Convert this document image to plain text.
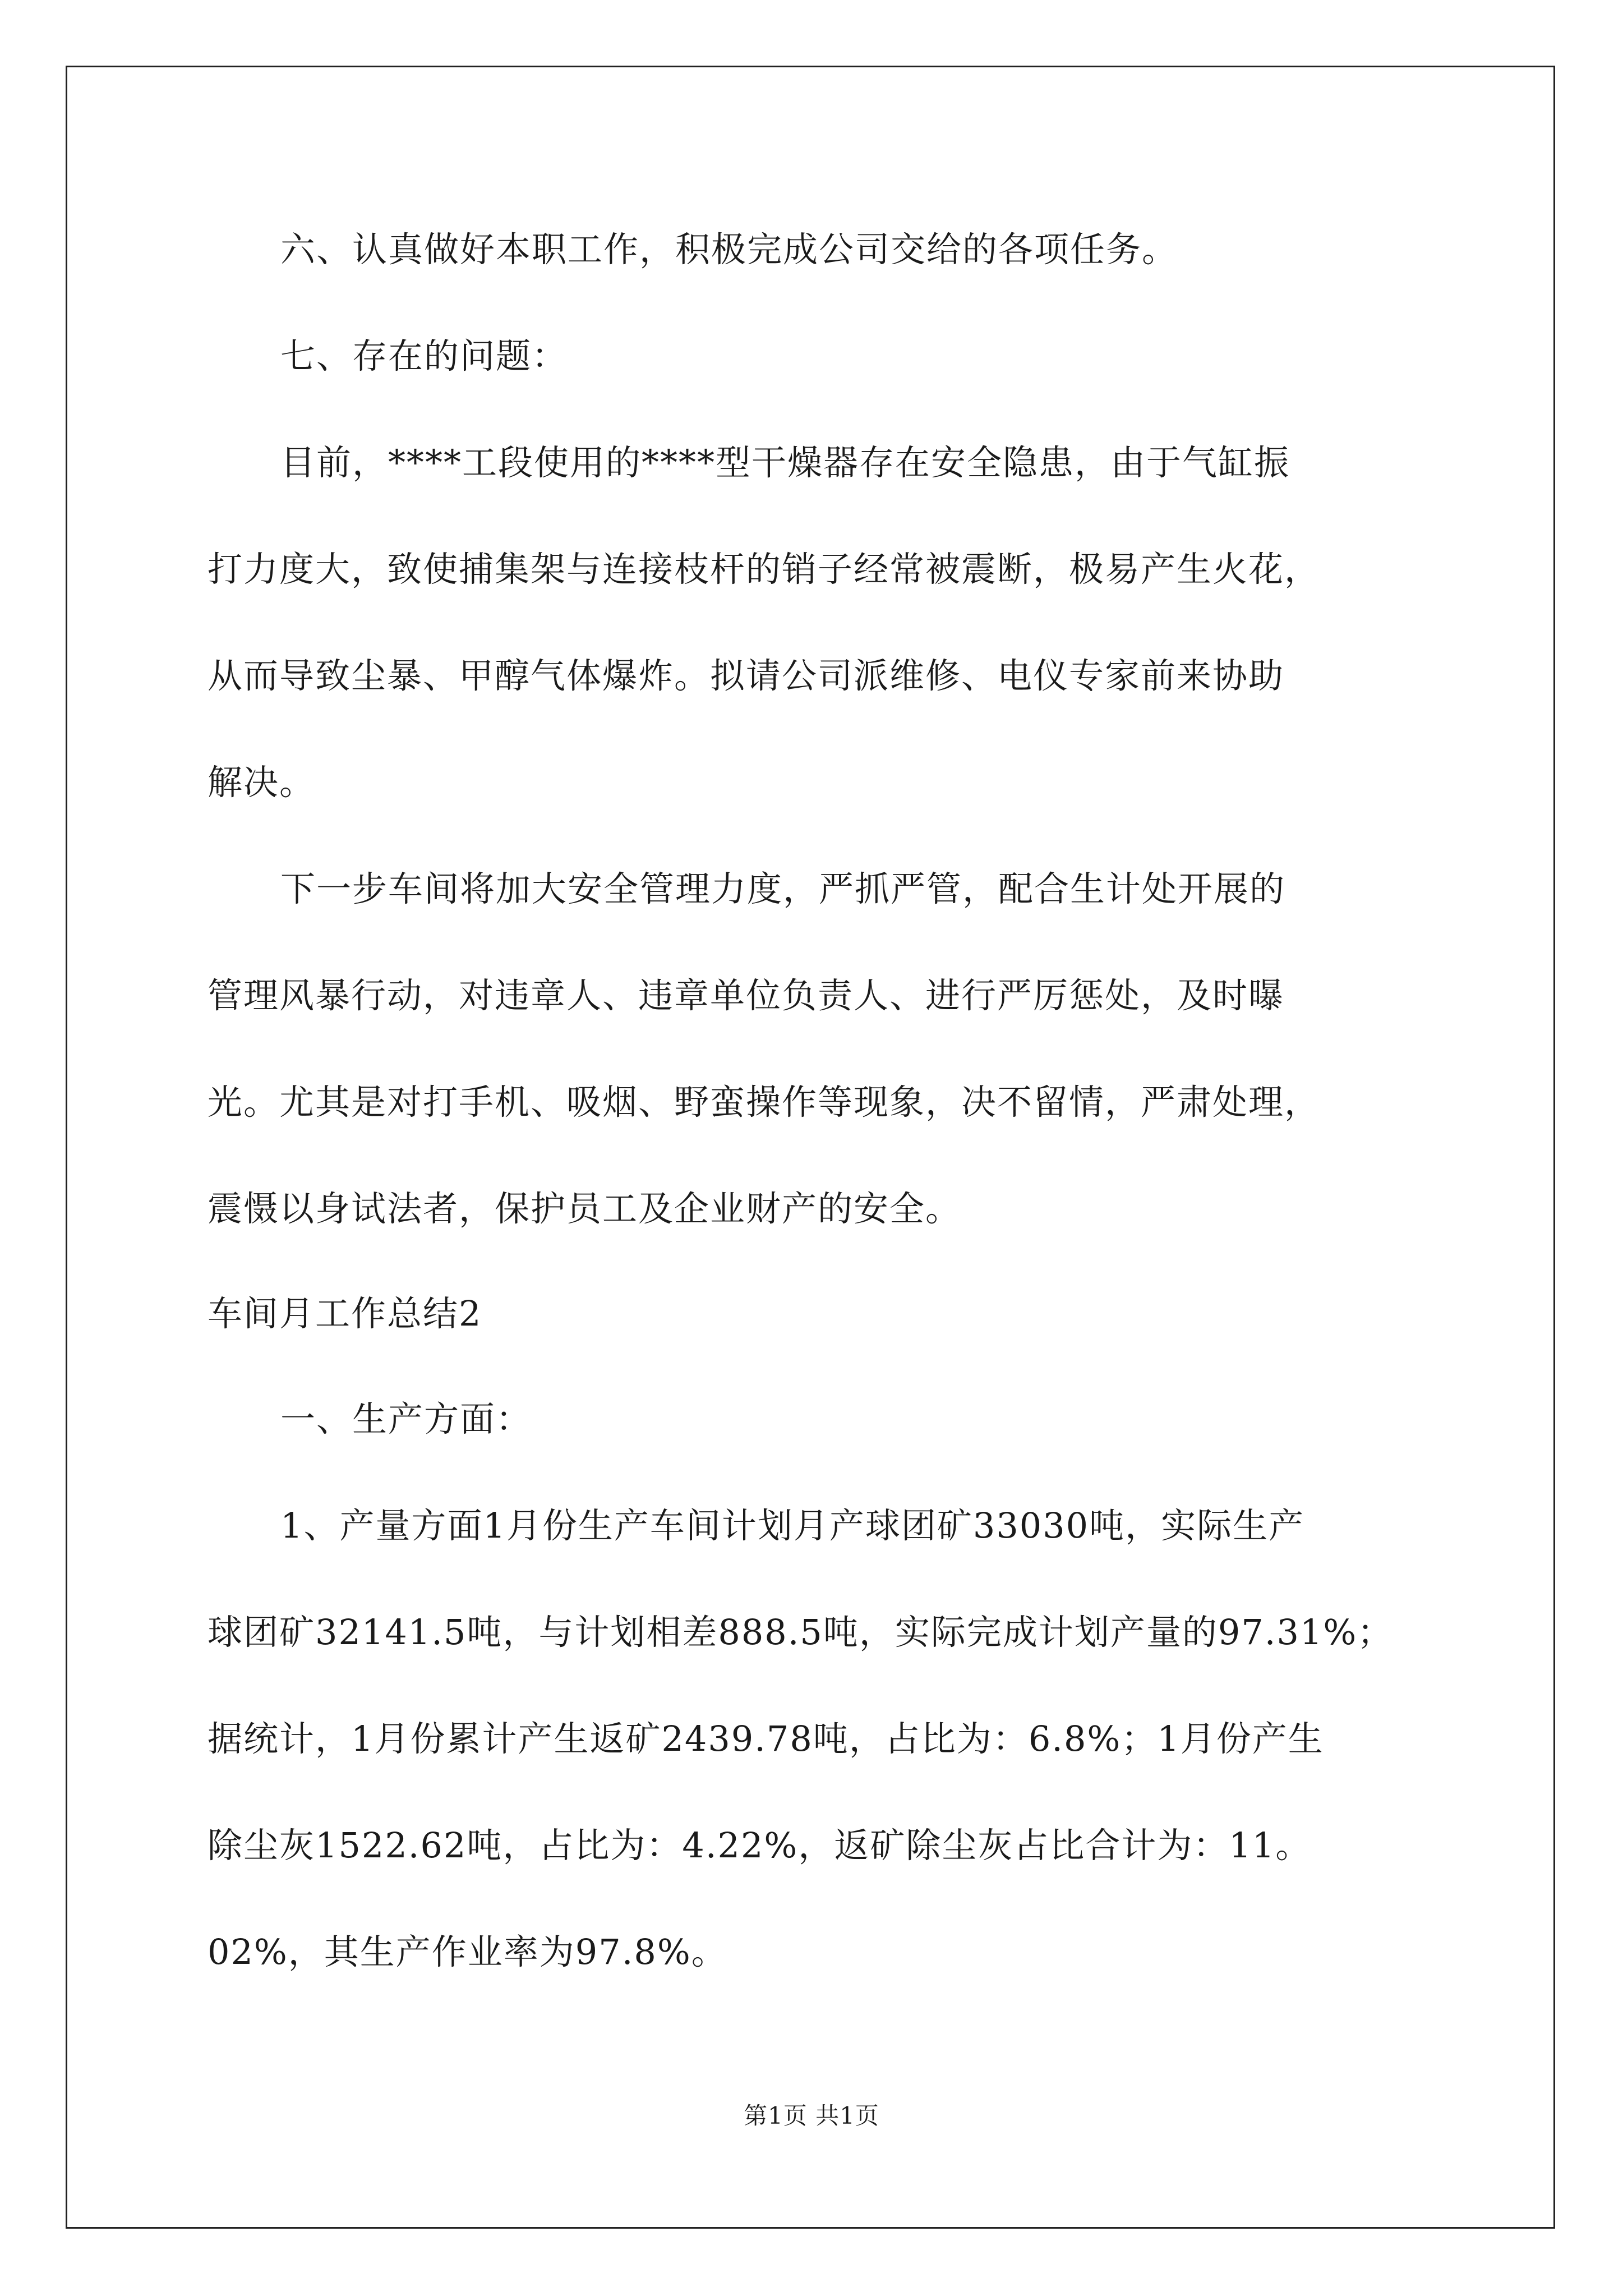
六、认真做好本职工作，积极完成公司交给的各项任务。
七、存在的问题：
目前，****工段使用的****型干燥器存在安全隐患，由于气缸振
打力度大，致使捕集架与连接枝杆的销子经常被震断，极易产生火花，
从而导致尘暴、甲醇气体爆炸。拟请公司派维修、电仪专家前来协助
解决。
下一步车间将加大安全管理力度，严抓严管，配合生计处开展的
管理风暴行动，对违章人、违章单位负责人、进行严厉惩处，及时曝
光。尤其是对打手机、吸烟、野蛮操作等现象，决不留情，严肃处理，
震慑以身试法者，保护员工及企业财产的安全。
车间月工作总结2
一、生产方面：
1、产量方面1月份生产车间计划月产球团矿33030吨，实际生产
球团矿32141.5吨，与计划相差888.5吨，实际完成计划产量的97.31%；
据统计，1月份累计产生返矿2439.78吨，占比为：6.8%；1月份产生
除尘灰1522.62吨，占比为：4.22%，返矿除尘灰占比合计为：11。
02%，其生产作业率为97.8%。
第1页 共1页
